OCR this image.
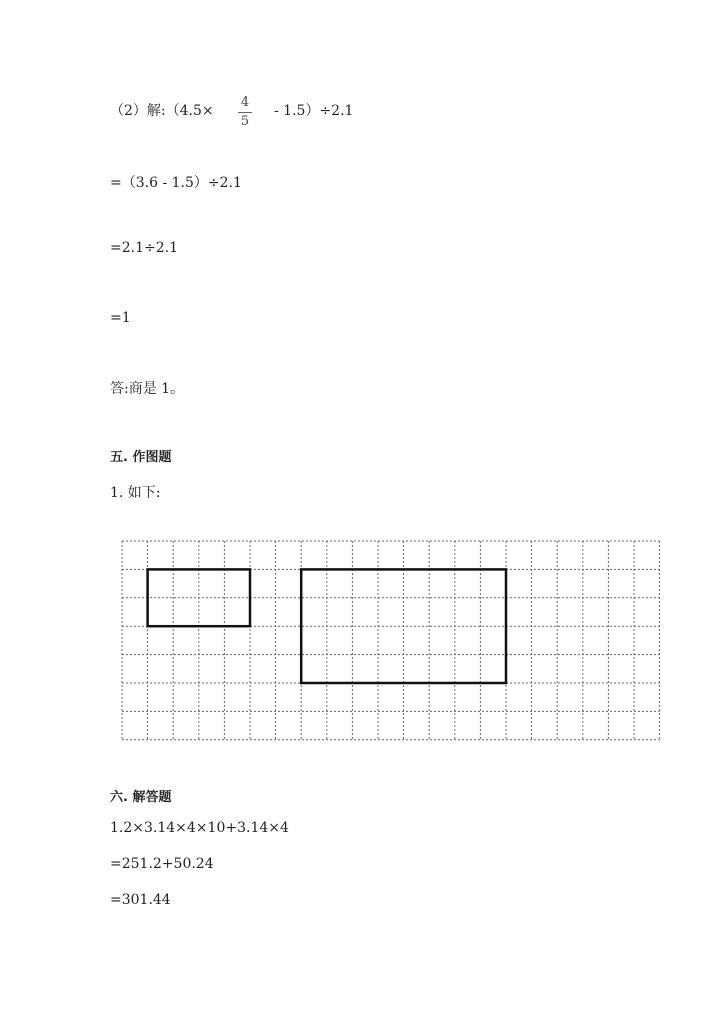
（2）解:（4.5× $\frac{4}{5} - 1.5)\div 2.1$
=（3.6 - 1.5）÷2.1
=2.1÷2.1
=1
答:商是 1。
五. 作图题
1. 如下:
六. 解答题
1.2×3.14×4×10+3.14×4
=251.2+50.24
=301.44
